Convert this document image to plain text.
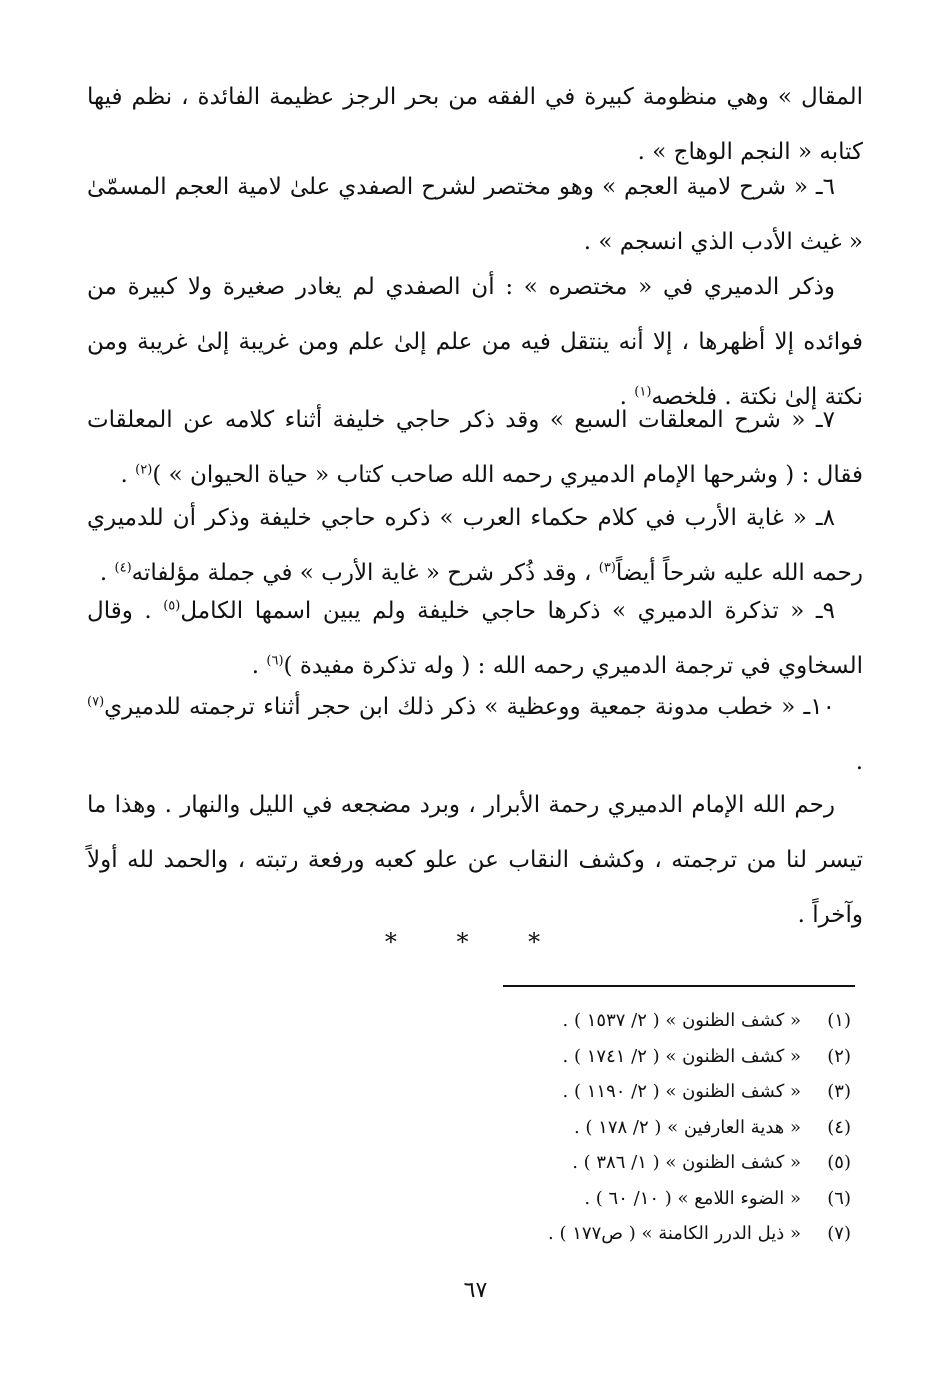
المقال » وهي منظومة كبيرة في الفقه من بحر الرجز عظيمة الفائدة ، نظم فيها كتابه « النجم الوهاج » .

٦ـ « شرح لامية العجم » وهو مختصر لشرح الصفدي علىٰ لامية العجم المسمّىٰ « غيث الأدب الذي انسجم » .

وذكر الدميري في « مختصره » : أن الصفدي لم يغادر صغيرة ولا كبيرة من فوائده إلا أظهرها ، إلا أنه ينتقل فيه من علم إلىٰ علم ومن غريبة إلىٰ غريبة ومن نكتة إلىٰ نكتة . فلخصه$^{(١)}$ .

٧ـ « شرح المعلقات السبع » وقد ذكر حاجي خليفة أثناء كلامه عن المعلقات فقال : ( وشرحها الإمام الدميري رحمه الله صاحب كتاب « حياة الحيوان » )$^{(٢)}$ .

٨ـ « غاية الأرب في كلام حكماء العرب » ذكره حاجي خليفة وذكر أن للدميري رحمه الله عليه شرحاً أيضاً$^{(٣)}$ ، وقد ذُكر شرح « غاية الأرب » في جملة مؤلفاته$^{(٤)}$ .

٩ـ « تذكرة الدميري » ذكرها حاجي خليفة ولم يبين اسمها الكامل$^{(٥)}$ . وقال السخاوي في ترجمة الدميري رحمه الله : ( وله تذكرة مفيدة )$^{(٦)}$ .

١٠ـ « خطب مدونة جمعية ووعظية » ذكر ذلك ابن حجر أثناء ترجمته للدميري$^{(٧)}$ .

رحم الله الإمام الدميري رحمة الأبرار ، وبرد مضجعه في الليل والنهار . وهذا ما تيسر لنا من ترجمته ، وكشف النقاب عن علو كعبه ورفعة رتبته ، والحمد لله أولاً وآخراً .

* * *
(١)
« كشف الظنون » ( ٢/ ١٥٣٧ ) .
(٢)
« كشف الظنون » ( ٢/ ١٧٤١ ) .
(٣)
« كشف الظنون » ( ٢/ ١١٩٠ ) .
(٤)
« هدية العارفين » ( ٢/ ١٧٨ ) .
(٥)
« كشف الظنون » ( ١/ ٣٨٦ ) .
(٦)
« الضوء اللامع » ( ١٠/ ٦٠ ) .
(٧)
« ذيل الدرر الكامنة » ( ص١٧٧ ) .
٦٧
